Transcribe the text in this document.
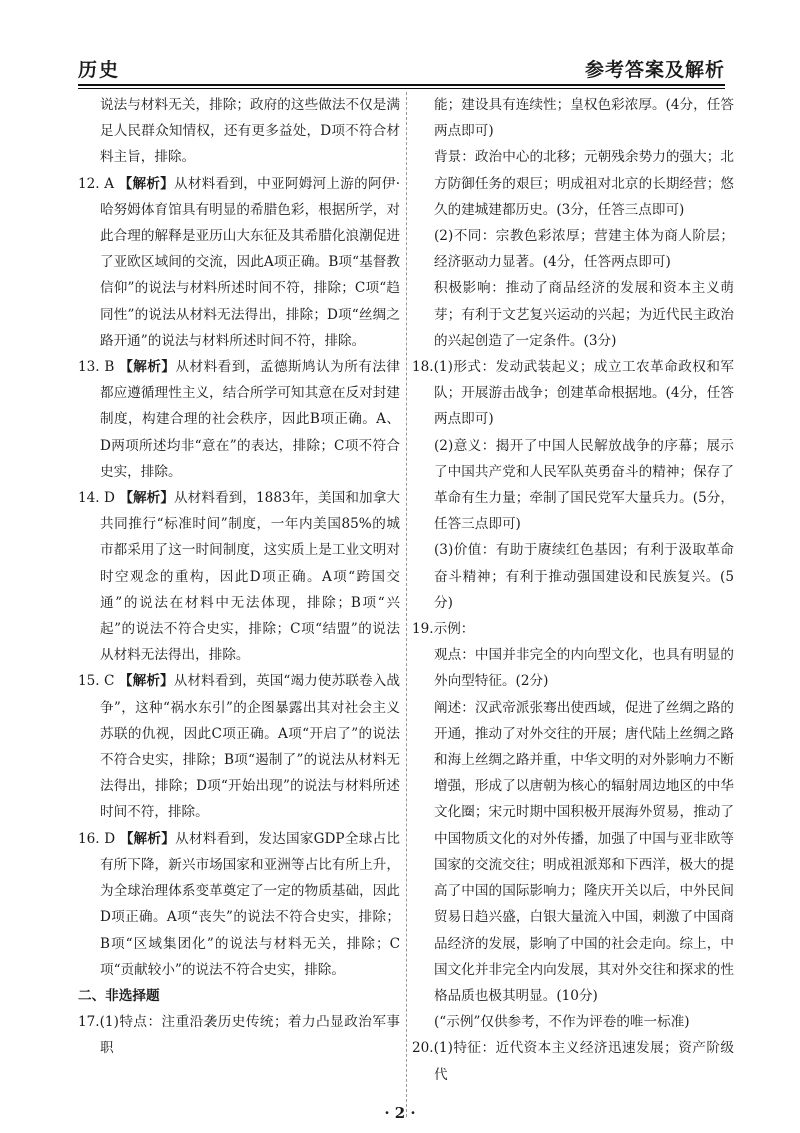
历史	参考答案及解析

说法与材料无关，排除；政府的这些做法不仅是满足人民群众知情权，还有更多益处，D项不符合材料主旨，排除。

12. A 【解析】从材料看到，中亚阿姆河上游的阿伊·哈努姆体育馆具有明显的希腊色彩，根据所学，对此合理的解释是亚历山大东征及其希腊化浪潮促进了亚欧区域间的交流，因此A项正确。B项“基督教信仰”的说法与材料所述时间不符，排除；C项“趋同性”的说法从材料无法得出，排除；D项“丝绸之路开通”的说法与材料所述时间不符，排除。

13. B 【解析】从材料看到，孟德斯鸠认为所有法律都应遵循理性主义，结合所学可知其意在反对封建制度，构建合理的社会秩序，因此B项正确。A、D两项所述均非“意在”的表达，排除；C项不符合史实，排除。

14. D 【解析】从材料看到，1883年，美国和加拿大共同推行“标准时间”制度，一年内美国85%的城市都采用了这一时间制度，这实质上是工业文明对时空观念的重构，因此D项正确。A项“跨国交通”的说法在材料中无法体现，排除；B项“兴起”的说法不符合史实，排除；C项“结盟”的说法从材料无法得出，排除。

15. C 【解析】从材料看到，英国“竭力使苏联卷入战争”，这种“祸水东引”的企图暴露出其对社会主义苏联的仇视，因此C项正确。A项“开启了”的说法不符合史实，排除；B项“遏制了”的说法从材料无法得出，排除；D项“开始出现”的说法与材料所述时间不符，排除。

16. D 【解析】从材料看到，发达国家GDP全球占比有所下降，新兴市场国家和亚洲等占比有所上升，为全球治理体系变革奠定了一定的物质基础，因此D项正确。A项“丧失”的说法不符合史实，排除；B项“区域集团化”的说法与材料无关，排除；C项“贡献较小”的说法不符合史实，排除。

二、非选择题

17.(1)特点：注重沿袭历史传统；着力凸显政治军事职

能；建设具有连续性；皇权色彩浓厚。(4分，任答两点即可)

背景：政治中心的北移；元朝残余势力的强大；北方防御任务的艰巨；明成祖对北京的长期经营；悠久的建城建都历史。(3分，任答三点即可)

(2)不同：宗教色彩浓厚；营建主体为商人阶层；经济驱动力显著。(4分，任答两点即可)

积极影响：推动了商品经济的发展和资本主义萌芽；有利于文艺复兴运动的兴起；为近代民主政治的兴起创造了一定条件。(3分)

18.(1)形式：发动武装起义；成立工农革命政权和军队；开展游击战争；创建革命根据地。(4分，任答两点即可)

(2)意义：揭开了中国人民解放战争的序幕；展示了中国共产党和人民军队英勇奋斗的精神；保存了革命有生力量；牵制了国民党军大量兵力。(5分，任答三点即可)

(3)价值：有助于赓续红色基因；有利于汲取革命奋斗精神；有利于推动强国建设和民族复兴。(5分)

19.示例：

观点：中国并非完全的内向型文化，也具有明显的外向型特征。(2分)

阐述：汉武帝派张骞出使西域，促进了丝绸之路的开通，推动了对外交往的开展；唐代陆上丝绸之路和海上丝绸之路并重，中华文明的对外影响力不断增强，形成了以唐朝为核心的辐射周边地区的中华文化圈；宋元时期中国积极开展海外贸易，推动了中国物质文化的对外传播，加强了中国与亚非欧等国家的交流交往；明成祖派郑和下西洋，极大的提高了中国的国际影响力；隆庆开关以后，中外民间贸易日趋兴盛，白银大量流入中国，刺激了中国商品经济的发展，影响了中国的社会走向。综上，中国文化并非完全内向发展，其对外交往和探求的性格品质也极其明显。(10分)

(“示例”仅供参考，不作为评卷的唯一标准)

20.(1)特征：近代资本主义经济迅速发展；资产阶级代

· 2 ·
